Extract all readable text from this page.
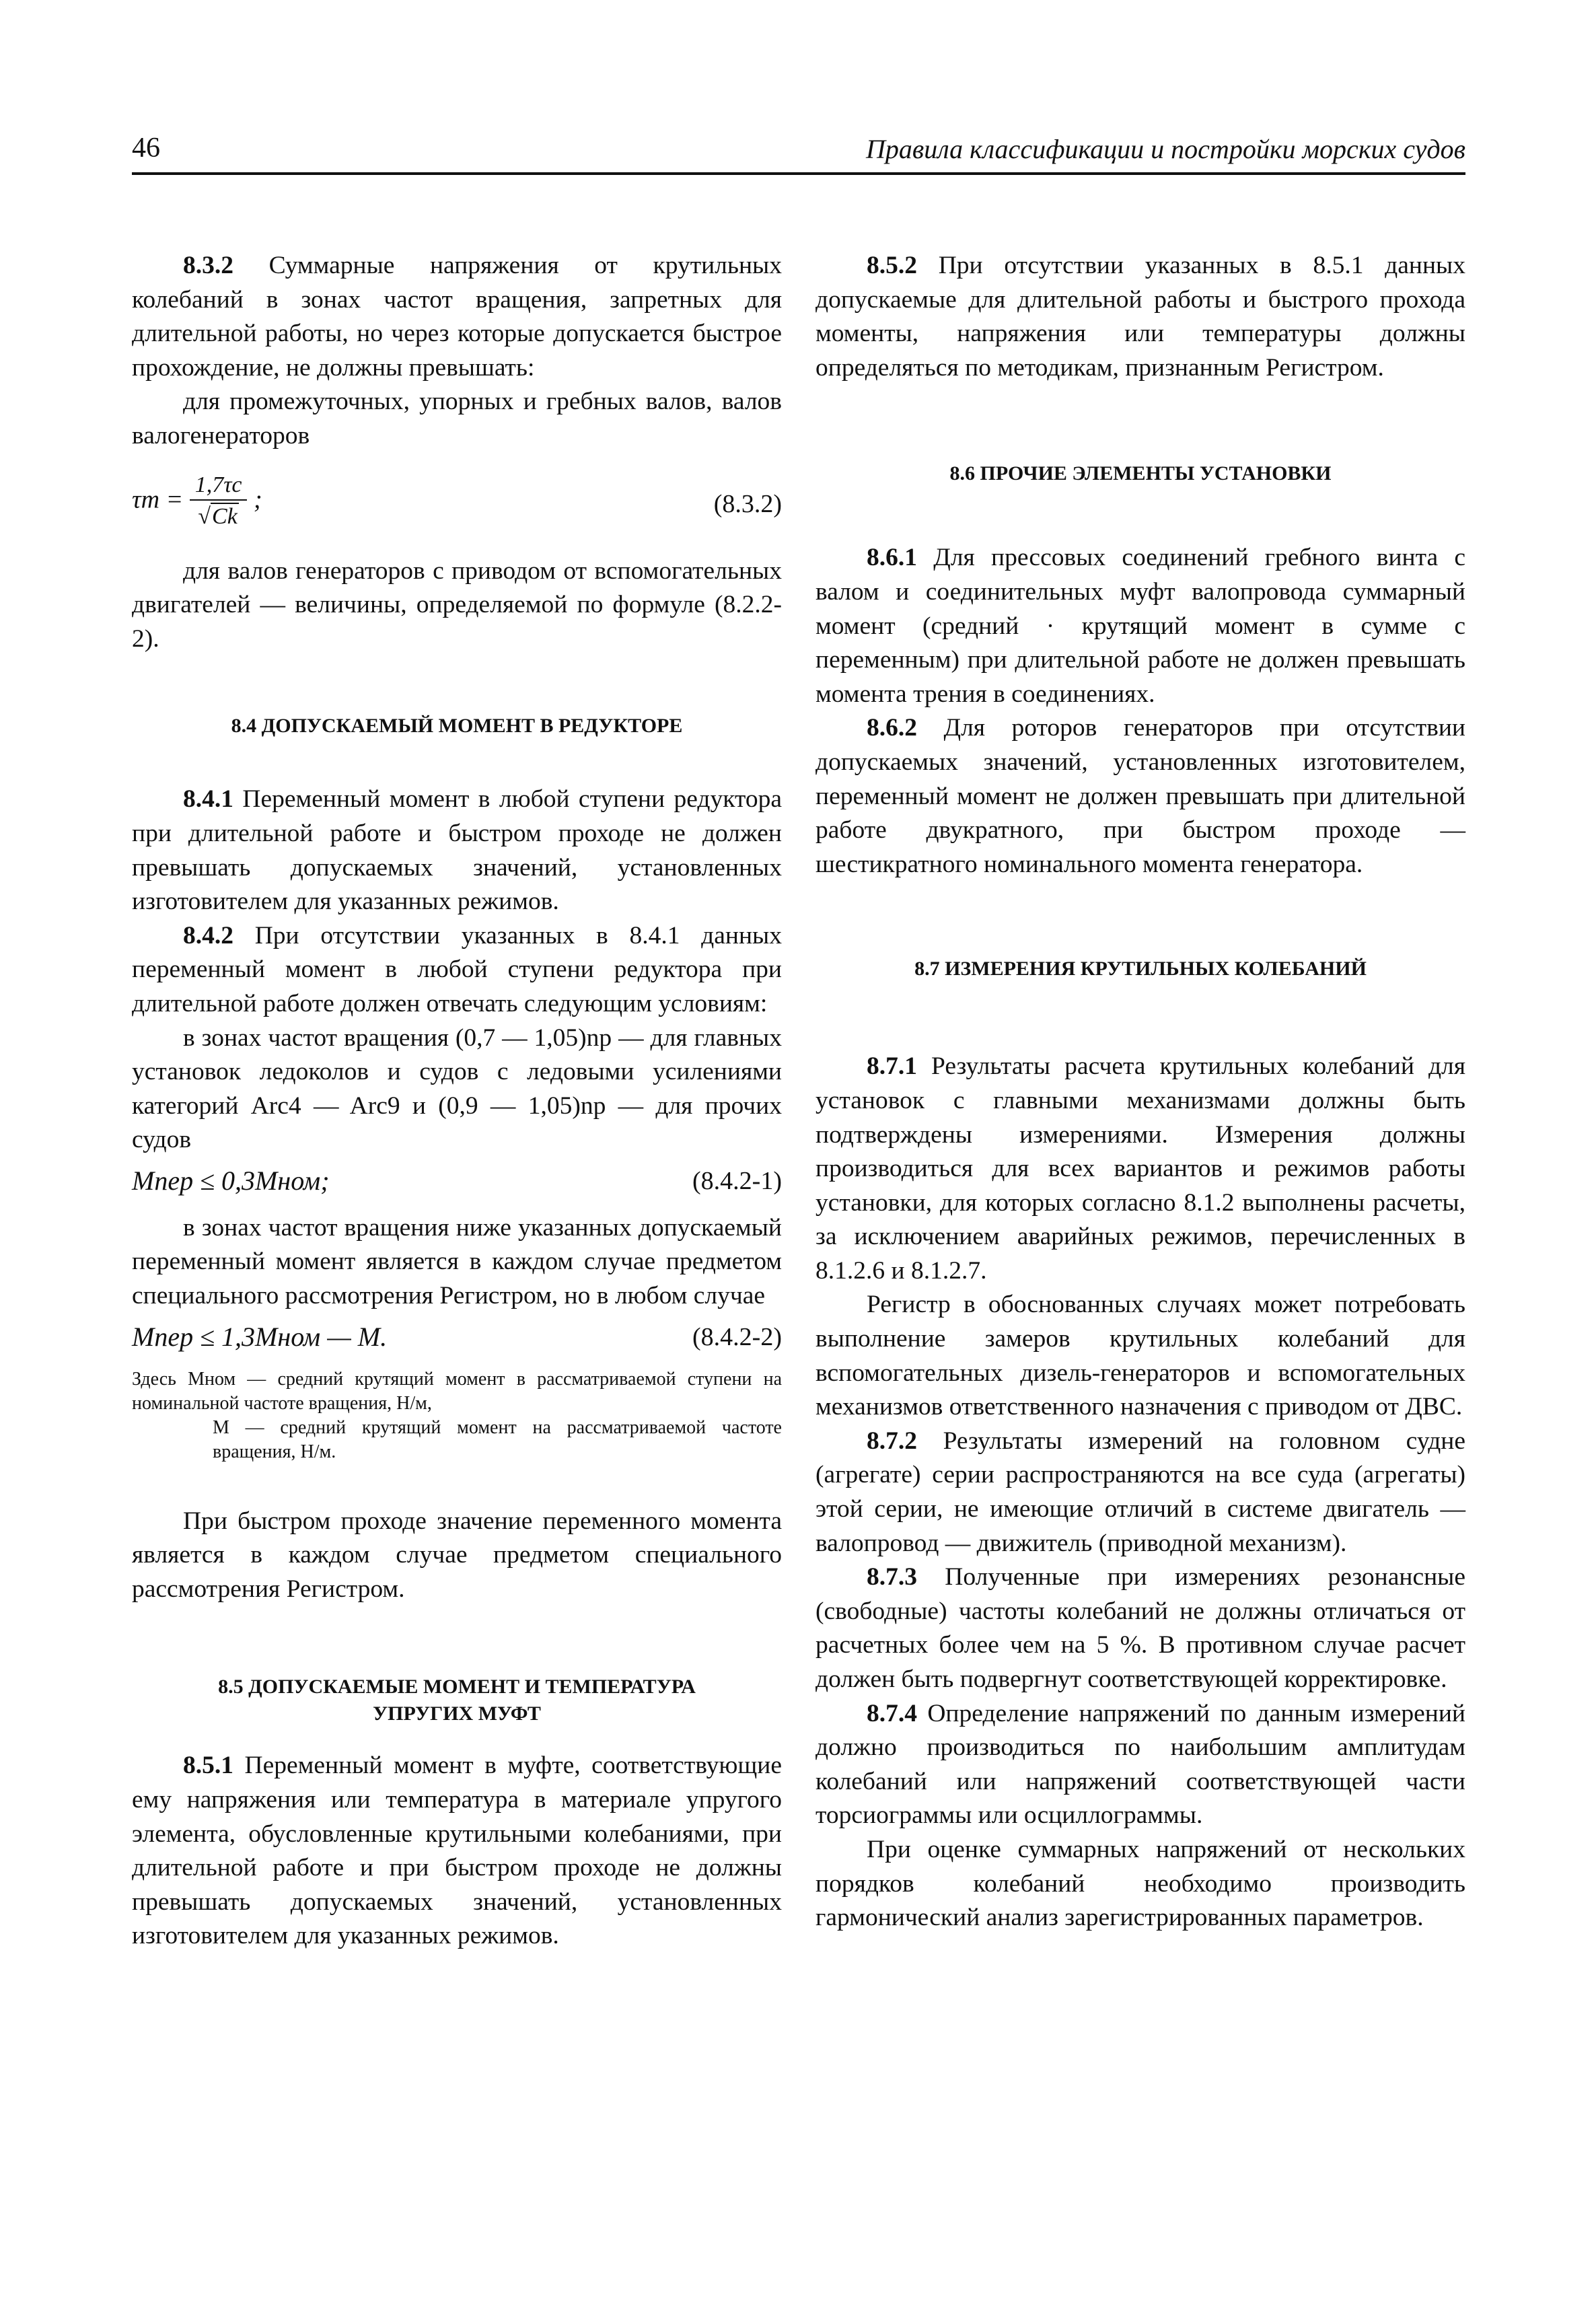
46	Правила классификации и постройки морских судов

8.3.2 Суммарные напряжения от крутильных колебаний в зонах частот вращения, запретных для длительной работы, но через которые допускается быстрое прохождение, не должны превышать:

для промежуточных, упорных и гребных валов, валов валогенераторов

$\tau т = \frac{1,7\tau с}{√Ck}$ ;	(8.3.2)

для валов генераторов с приводом от вспомогательных двигателей — величины, определяемой по формуле (8.2.2-2).

8.4 ДОПУСКАЕМЫЙ МОМЕНТ В РЕДУКТОРЕ

8.4.1 Переменный момент в любой ступени редуктора при длительной работе и быстром проходе не должен превышать допускаемых значений, установленных изготовителем для указанных режимов.

8.4.2 При отсутствии указанных в 8.4.1 данных переменный момент в любой ступени редуктора при длительной работе должен отвечать следующим условиям:

в зонах частот вращения (0,7 — 1,05)nр — для главных установок ледоколов и судов с ледовыми усилениями категорий Arc4 — Arc9 и (0,9 — 1,05)nр — для прочих судов

Mпер ≤ 0,3Mном;	(8.4.2-1)

в зонах частот вращения ниже указанных допускаемый переменный момент является в каждом случае предметом специального рассмотрения Регистром, но в любом случае

Mпер ≤ 1,3Mном — M.	(8.4.2-2)
Здесь Mном — средний крутящий момент в рассматриваемой ступени на номинальной частоте вращения, Н/м,
M — средний крутящий момент на рассматриваемой частоте вращения, Н/м.

При быстром проходе значение переменного момента является в каждом случае предметом специального рассмотрения Регистром.

8.5 ДОПУСКАЕМЫЕ МОМЕНТ И ТЕМПЕРАТУРА
УПРУГИХ МУФТ

8.5.1 Переменный момент в муфте, соответствующие ему напряжения или температура в материале упругого элемента, обусловленные крутильными колебаниями, при длительной работе и при быстром проходе не должны превышать допускаемых значений, установленных изготовителем для указанных режимов.

8.5.2 При отсутствии указанных в 8.5.1 данных допускаемые для длительной работы и быстрого прохода моменты, напряжения или температуры должны определяться по методикам, признанным Регистром.

8.6 ПРОЧИЕ ЭЛЕМЕНТЫ УСТАНОВКИ

8.6.1 Для прессовых соединений гребного винта с валом и соединительных муфт валопровода суммарный момент (средний · крутящий момент в сумме с переменным) при длительной работе не должен превышать момента трения в соединениях.

8.6.2 Для роторов генераторов при отсутствии допускаемых значений, установленных изготовителем, переменный момент не должен превышать при длительной работе двукратного, при быстром проходе — шестикратного номинального момента генератора.

8.7 ИЗМЕРЕНИЯ КРУТИЛЬНЫХ КОЛЕБАНИЙ

8.7.1 Результаты расчета крутильных колебаний для установок с главными механизмами должны быть подтверждены измерениями. Измерения должны производиться для всех вариантов и режимов работы установки, для которых согласно 8.1.2 выполнены расчеты, за исключением аварийных режимов, перечисленных в 8.1.2.6 и 8.1.2.7.

Регистр в обоснованных случаях может потребовать выполнение замеров крутильных колебаний для вспомогательных дизель-генераторов и вспомогательных механизмов ответственного назначения с приводом от ДВС.

8.7.2 Результаты измерений на головном судне (агрегате) серии распространяются на все суда (агрегаты) этой серии, не имеющие отличий в системе двигатель — валопровод — движитель (приводной механизм).

8.7.3 Полученные при измерениях резонансные (свободные) частоты колебаний не должны отличаться от расчетных более чем на 5 %. В противном случае расчет должен быть подвергнут соответствующей корректировке.

8.7.4 Определение напряжений по данным измерений должно производиться по наибольшим амплитудам колебаний или напряжений соответствующей части торсиограммы или осциллограммы.

При оценке суммарных напряжений от нескольких порядков колебаний необходимо производить гармонический анализ зарегистрированных параметров.
